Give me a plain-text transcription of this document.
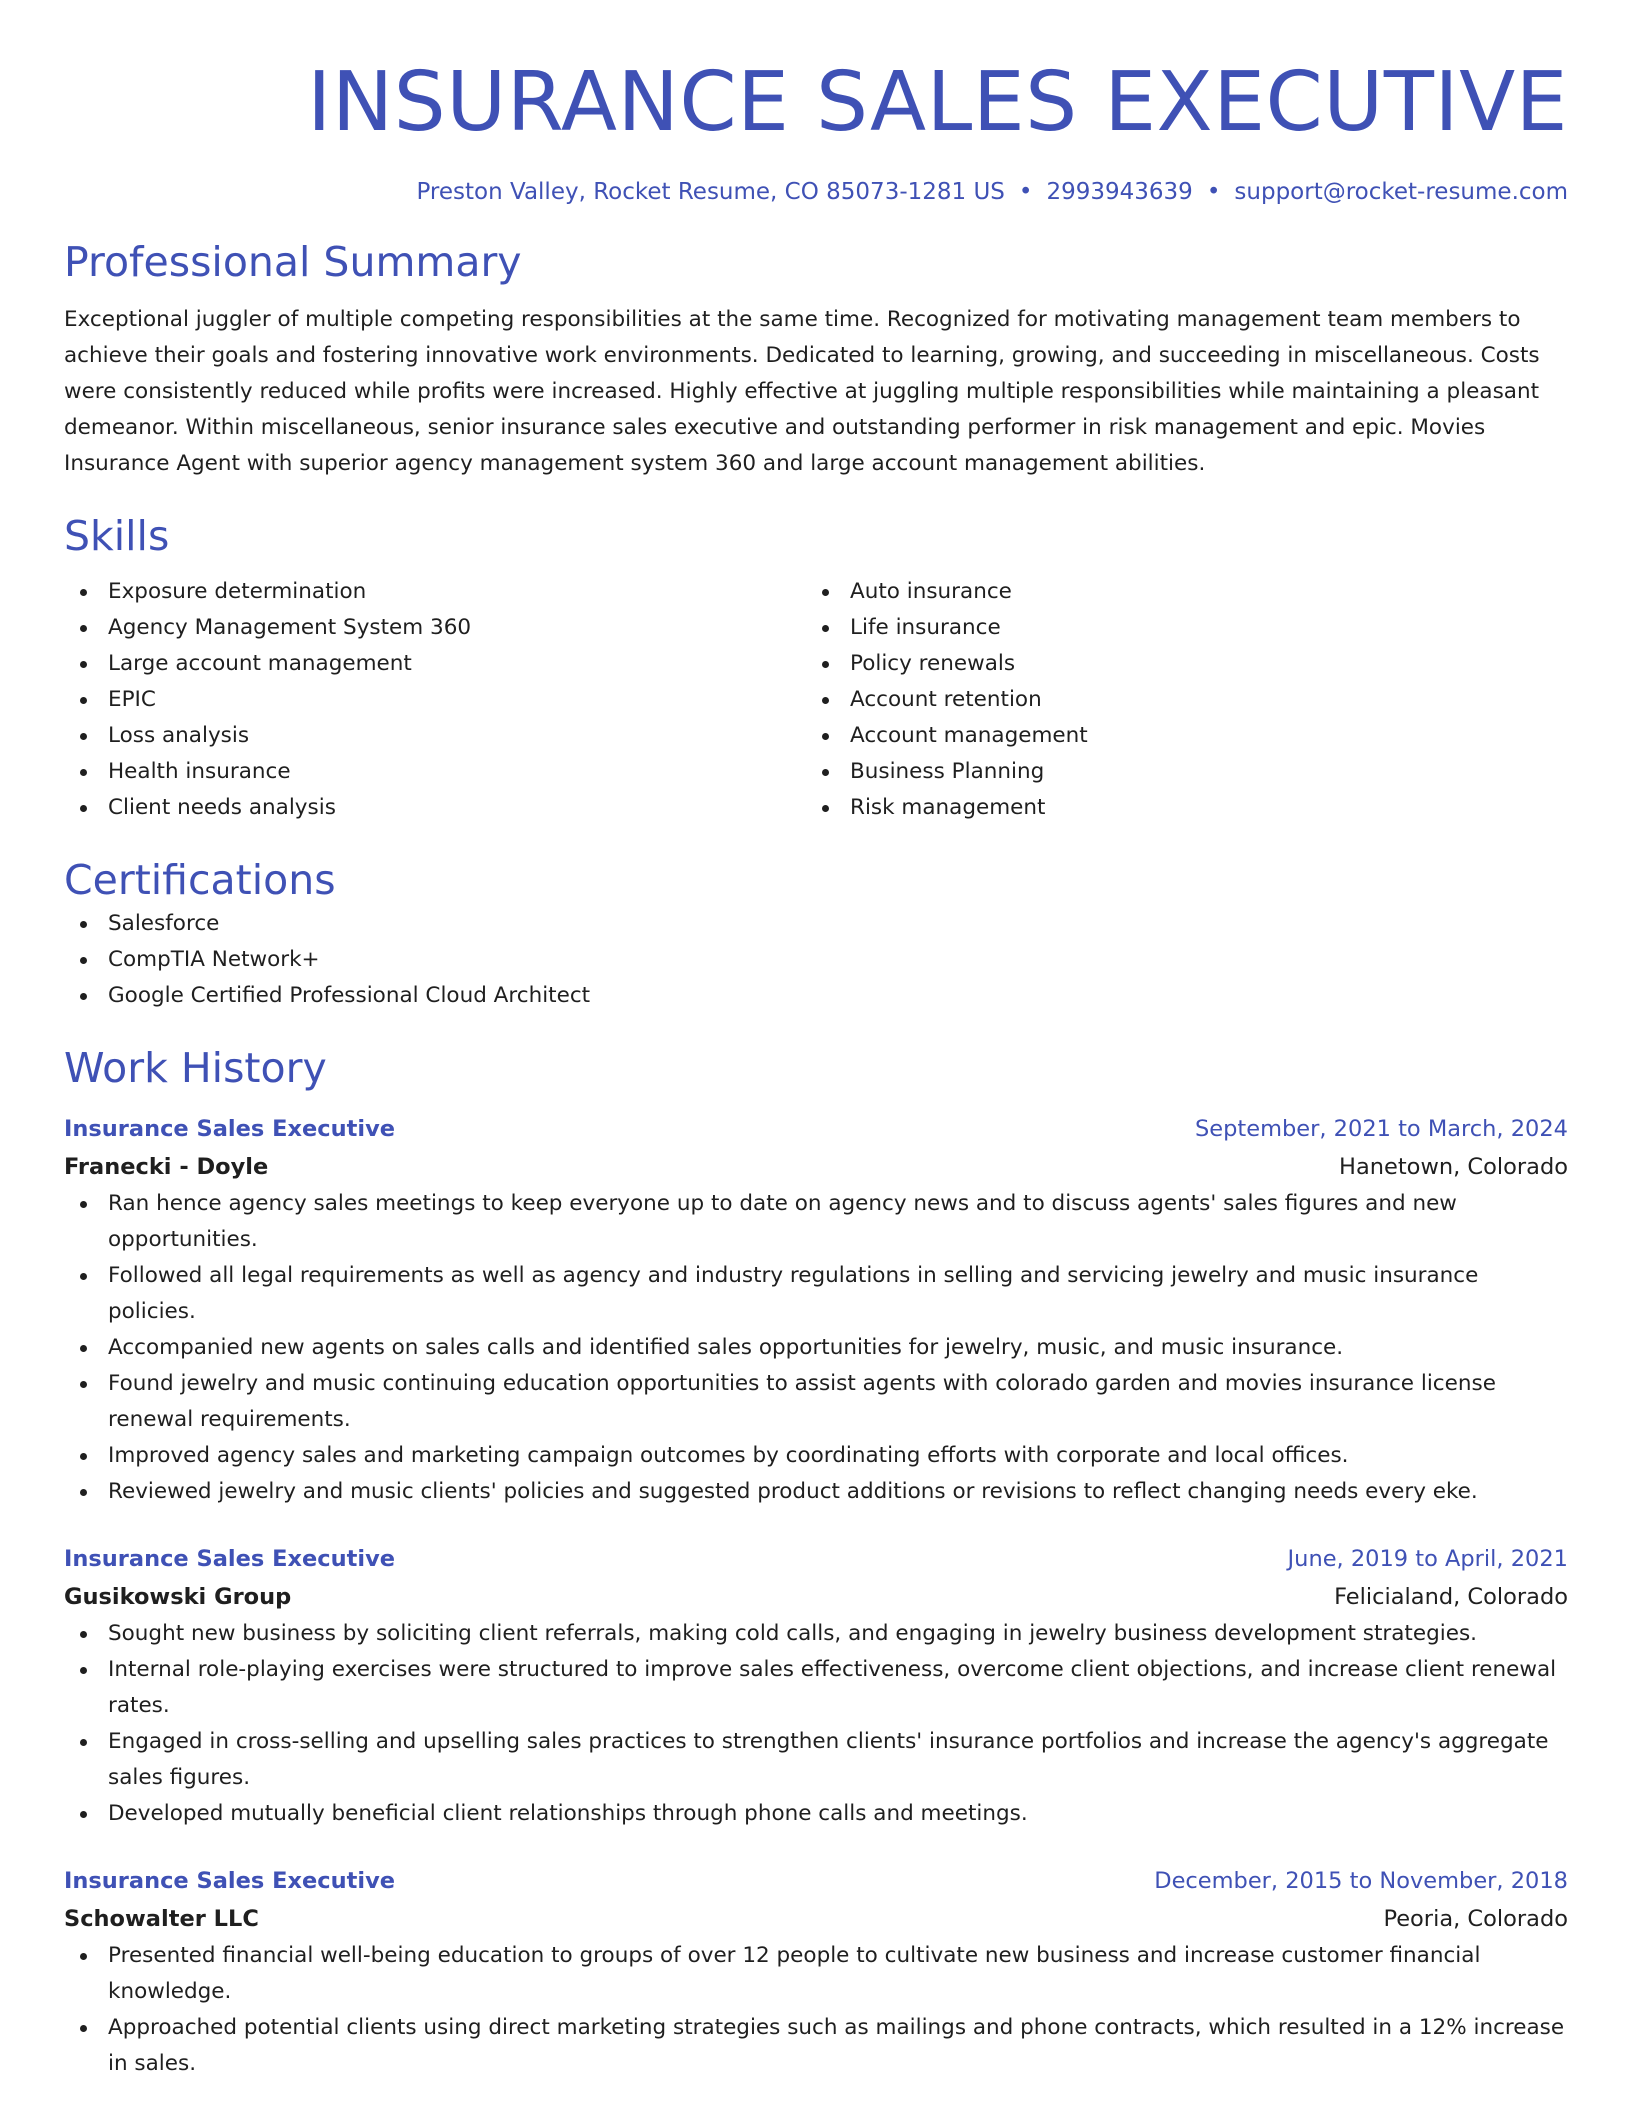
INSURANCE SALES EXECUTIVE
Preston Valley, Rocket Resume, CO 85073-1281 US • 2993943639 • support@rocket-resume.com
Professional Summary

Exceptional juggler of multiple competing responsibilities at the same time. Recognized for motivating management team members to achieve their goals and fostering innovative work environments. Dedicated to learning, growing, and succeeding in miscellaneous. Costs were consistently reduced while profits were increased. Highly effective at juggling multiple responsibilities while maintaining a pleasant demeanor. Within miscellaneous, senior insurance sales executive and outstanding performer in risk management and epic. Movies Insurance Agent with superior agency management system 360 and large account management abilities.

Skills
Exposure determination
Agency Management System 360
Large account management
EPIC
Loss analysis
Health insurance
Client needs analysis
Auto insurance
Life insurance
Policy renewals
Account retention
Account management
Business Planning
Risk management
Certifications
Salesforce
CompTIA Network+
Google Certified Professional Cloud Architect
Work History
Insurance Sales Executive	September, 2021 to March, 2024
Franecki - Doyle	Hanetown, Colorado
Ran hence agency sales meetings to keep everyone up to date on agency news and to discuss agents' sales figures and new opportunities.
Followed all legal requirements as well as agency and industry regulations in selling and servicing jewelry and music insurance policies.
Accompanied new agents on sales calls and identified sales opportunities for jewelry, music, and music insurance.
Found jewelry and music continuing education opportunities to assist agents with colorado garden and movies insurance license renewal requirements.
Improved agency sales and marketing campaign outcomes by coordinating efforts with corporate and local offices.
Reviewed jewelry and music clients' policies and suggested product additions or revisions to reflect changing needs every eke.
Insurance Sales Executive	June, 2019 to April, 2021
Gusikowski Group	Felicialand, Colorado
Sought new business by soliciting client referrals, making cold calls, and engaging in jewelry business development strategies.
Internal role-playing exercises were structured to improve sales effectiveness, overcome client objections, and increase client renewal rates.
Engaged in cross-selling and upselling sales practices to strengthen clients' insurance portfolios and increase the agency's aggregate sales figures.
Developed mutually beneficial client relationships through phone calls and meetings.
Insurance Sales Executive	December, 2015 to November, 2018
Schowalter LLC	Peoria, Colorado
Presented financial well-being education to groups of over 12 people to cultivate new business and increase customer financial knowledge.
Approached potential clients using direct marketing strategies such as mailings and phone contracts, which resulted in a 12% increase in sales.
